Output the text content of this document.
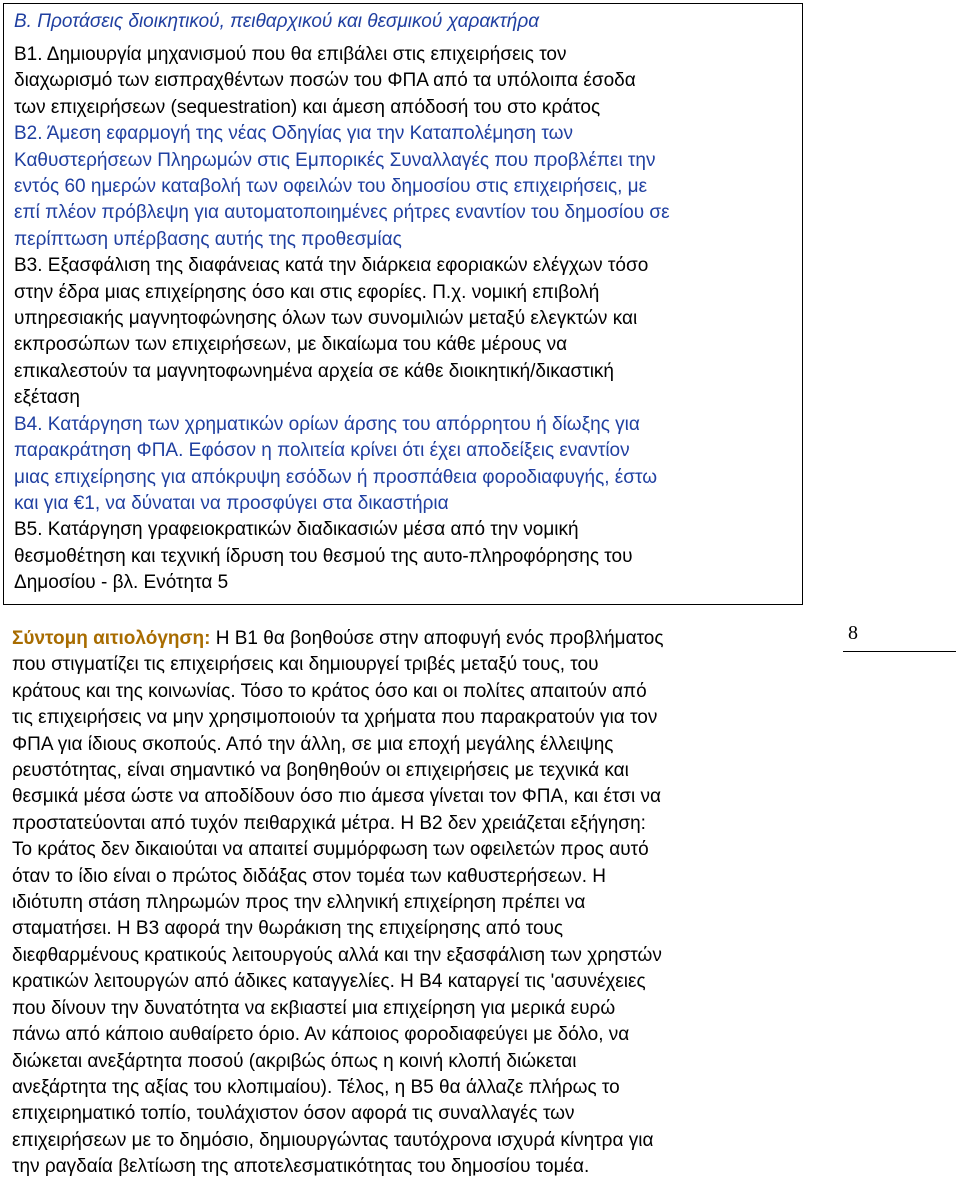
Β. Προτάσεις διοικητικού, πειθαρχικού και θεσμικού χαρακτήρα
Β1. Δημιουργία μηχανισμού που θα επιβάλει στις επιχειρήσεις τον
διαχωρισμό των εισπραχθέντων ποσών του ΦΠΑ από τα υπόλοιπα έσοδα
των επιχειρήσεων (sequestration) και άμεση απόδοσή του στο κράτος
Β2. Άμεση εφαρμογή της νέας Οδηγίας για την Καταπολέμηση των
Καθυστερήσεων Πληρωμών στις Εμπορικές Συναλλαγές που προβλέπει την
εντός 60 ημερών καταβολή των οφειλών του δημοσίου στις επιχειρήσεις, με
επί πλέον πρόβλεψη για αυτοματοποιημένες ρήτρες εναντίον του δημοσίου σε
περίπτωση υπέρβασης αυτής της προθεσμίας
Β3. Εξασφάλιση της διαφάνειας κατά την διάρκεια εφοριακών ελέγχων τόσο
στην έδρα μιας επιχείρησης όσο και στις εφορίες. Π.χ. νομική επιβολή
υπηρεσιακής μαγνητοφώνησης όλων των συνομιλιών μεταξύ ελεγκτών και
εκπροσώπων των επιχειρήσεων, με δικαίωμα του κάθε μέρους να
επικαλεστούν τα μαγνητοφωνημένα αρχεία σε κάθε διοικητική/δικαστική
εξέταση
Β4. Κατάργηση των χρηματικών ορίων άρσης του απόρρητου ή δίωξης για
παρακράτηση ΦΠΑ. Εφόσον η πολιτεία κρίνει ότι έχει αποδείξεις εναντίον
μιας επιχείρησης για απόκρυψη εσόδων ή προσπάθεια φοροδιαφυγής, έστω
και για €1, να δύναται να προσφύγει στα δικαστήρια
Β5. Κατάργηση γραφειοκρατικών διαδικασιών μέσα από την νομική
θεσμοθέτηση και τεχνική ίδρυση του θεσμού της αυτο-πληροφόρησης του
Δημοσίου - βλ. Ενότητα 5
Σύντομη αιτιολόγηση: Η Β1 θα βοηθούσε στην αποφυγή ενός προβλήματος
που στιγματίζει τις επιχειρήσεις και δημιουργεί τριβές μεταξύ τους, του
κράτους και της κοινωνίας. Τόσο το κράτος όσο και οι πολίτες απαιτούν από
τις επιχειρήσεις να μην χρησιμοποιούν τα χρήματα που παρακρατούν για τον
ΦΠΑ για ίδιους σκοπούς. Από την άλλη, σε μια εποχή μεγάλης έλλειψης
ρευστότητας, είναι σημαντικό να βοηθηθούν οι επιχειρήσεις με τεχνικά και
θεσμικά μέσα ώστε να αποδίδουν όσο πιο άμεσα γίνεται τον ΦΠΑ, και έτσι να
προστατεύονται από τυχόν πειθαρχικά μέτρα. Η Β2 δεν χρειάζεται εξήγηση:
Το κράτος δεν δικαιούται να απαιτεί συμμόρφωση των οφειλετών προς αυτό
όταν το ίδιο είναι ο πρώτος διδάξας στον τομέα των καθυστερήσεων. Η
ιδιότυπη στάση πληρωμών προς την ελληνική επιχείρηση πρέπει να
σταματήσει. Η Β3 αφορά την θωράκιση της επιχείρησης από τους
διεφθαρμένους κρατικούς λειτουργούς αλλά και την εξασφάλιση των χρηστών
κρατικών λειτουργών από άδικες καταγγελίες. Η Β4 καταργεί τις 'ασυνέχειες
που δίνουν την δυνατότητα να εκβιαστεί μια επιχείρηση για μερικά ευρώ
πάνω από κάποιο αυθαίρετο όριο. Αν κάποιος φοροδιαφεύγει με δόλο, να
διώκεται ανεξάρτητα ποσού (ακριβώς όπως η κοινή κλοπή διώκεται
ανεξάρτητα της αξίας του κλοπιμαίου). Τέλος, η Β5 θα άλλαζε πλήρως το
επιχειρηματικό τοπίο, τουλάχιστον όσον αφορά τις συναλλαγές των
επιχειρήσεων με το δημόσιο, δημιουργώντας ταυτόχρονα ισχυρά κίνητρα για
την ραγδαία βελτίωση της αποτελεσματικότητας του δημοσίου τομέα.
8
